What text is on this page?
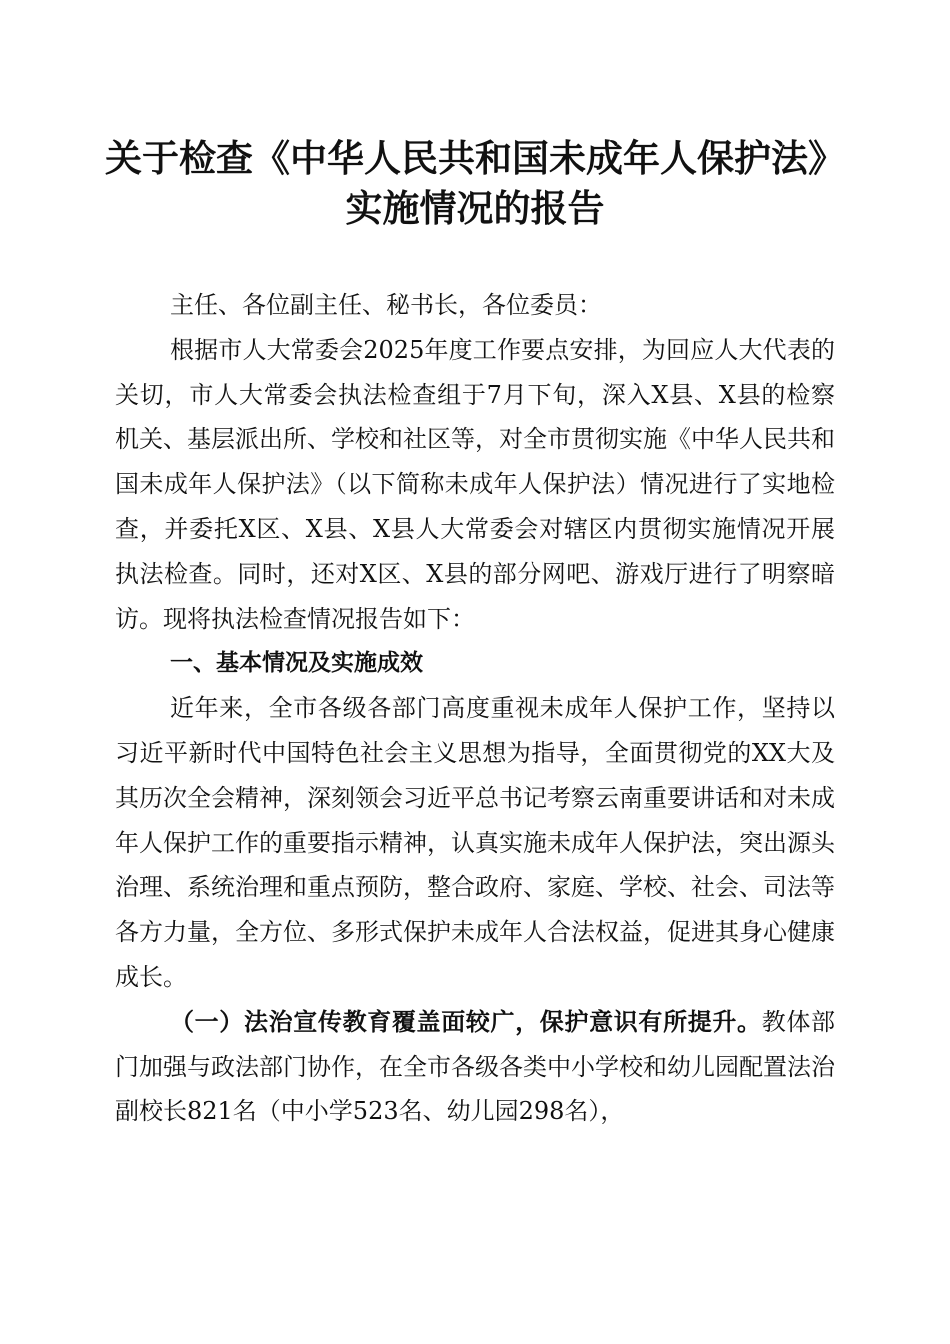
关于检查《中华人民共和国未成年人保护法》
实施情况的报告

主任、各位副主任、秘书长，各位委员：

根据市人大常委会2025年度工作要点安排，为回应人大代表的关切，市人大常委会执法检查组于7月下旬，深入X县、X县的检察机关、基层派出所、学校和社区等，对全市贯彻实施《中华人民共和国未成年人保护法》（以下简称未成年人保护法）情况进行了实地检查，并委托X区、X县、X县人大常委会对辖区内贯彻实施情况开展执法检查。同时，还对X区、X县的部分网吧、游戏厅进行了明察暗访。现将执法检查情况报告如下：

一、基本情况及实施成效

近年来，全市各级各部门高度重视未成年人保护工作，坚持以习近平新时代中国特色社会主义思想为指导，全面贯彻党的XX大及其历次全会精神，深刻领会习近平总书记考察云南重要讲话和对未成年人保护工作的重要指示精神，认真实施未成年人保护法，突出源头治理、系统治理和重点预防，整合政府、家庭、学校、社会、司法等各方力量，全方位、多形式保护未成年人合法权益，促进其身心健康成长。

（一）法治宣传教育覆盖面较广，保护意识有所提升。教体部门加强与政法部门协作，在全市各级各类中小学校和幼儿园配置法治副校长821名（中小学523名、幼儿园298名），
